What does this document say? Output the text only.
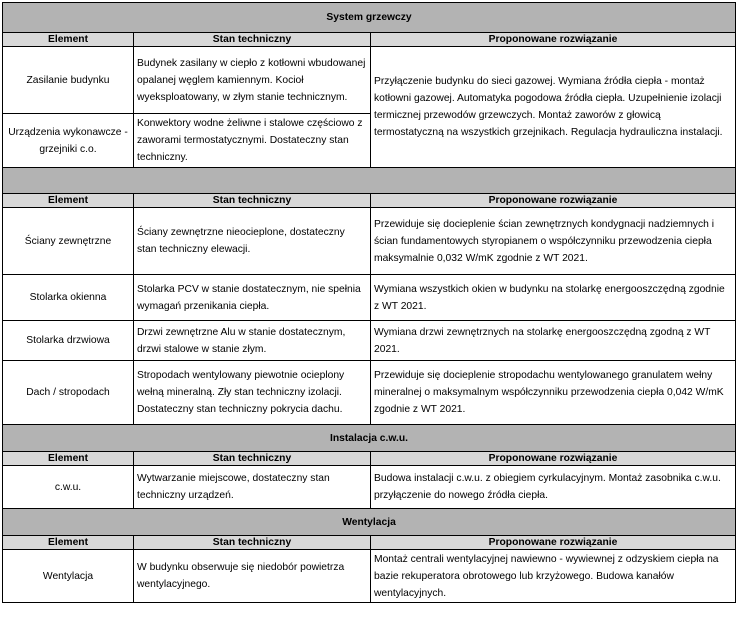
System grzewczy		
Element	Stan techniczny	Proponowane rozwiązanie
Zasilanie budynku	Budynek zasilany w ciepło z kotłowni wbudowanej opalanej węglem kamiennym. Kocioł wyeksploatowany, w złym stanie technicznym.	Przyłączenie budynku do sieci gazowej. Wymiana źródła ciepła - montaż kotłowni gazowej. Automatyka pogodowa źródła ciepła. Uzupełnienie izolacji termicznej przewodów grzewczych. Montaż zaworów z głowicą termostatyczną na wszystkich grzejnikach. Regulacja hydrauliczna instalacji.
Urządzenia wykonawcze - grzejniki c.o.	Konwektory wodne żeliwne i stalowe częściowo z zaworami termostatycznymi. Dostateczny stan techniczny.	

Element	Stan techniczny	Proponowane rozwiązanie
Ściany zewnętrzne	Ściany zewnętrzne nieocieplone, dostateczny stan techniczny elewacji.	Przewiduje się docieplenie ścian zewnętrznych kondygnacji nadziemnych i ścian fundamentowych styropianem o współczynniku przewodzenia ciepła maksymalnie 0,032 W/mK zgodnie z WT 2021.
Stolarka okienna	Stolarka PCV w stanie dostatecznym, nie spełnia wymagań przenikania ciepła.	Wymiana wszystkich okien w budynku na stolarkę energooszczędną zgodnie z WT 2021.
Stolarka drzwiowa	Drzwi zewnętrzne Alu w stanie dostatecznym, drzwi stalowe w stanie złym.	Wymiana drzwi zewnętrznych na stolarkę energooszczędną zgodną z WT 2021.
Dach / stropodach	Stropodach wentylowany piewotnie ocieplony wełną mineralną. Zły stan techniczny izolacji. Dostateczny stan techniczny pokrycia dachu.	Przewiduje się docieplenie stropodachu wentylowanego granulatem wełny mineralnej o maksymalnym współczynniku przewodzenia ciepła 0,042 W/mK zgodnie z WT 2021.
Instalacja c.w.u.		
Element	Stan techniczny	Proponowane rozwiązanie
c.w.u.	Wytwarzanie miejscowe, dostateczny stan techniczny urządzeń.	Budowa instalacji c.w.u. z obiegiem cyrkulacyjnym. Montaż zasobnika c.w.u. przyłączenie do nowego źródła ciepła.
Wentylacja		
Element	Stan techniczny	Proponowane rozwiązanie
Wentylacja	W budynku obserwuje się niedobór powietrza wentylacyjnego.	Montaż centrali wentylacyjnej nawiewno - wywiewnej z odzyskiem ciepła na bazie rekuperatora obrotowego lub krzyżowego. Budowa kanałów wentylacyjnych.
